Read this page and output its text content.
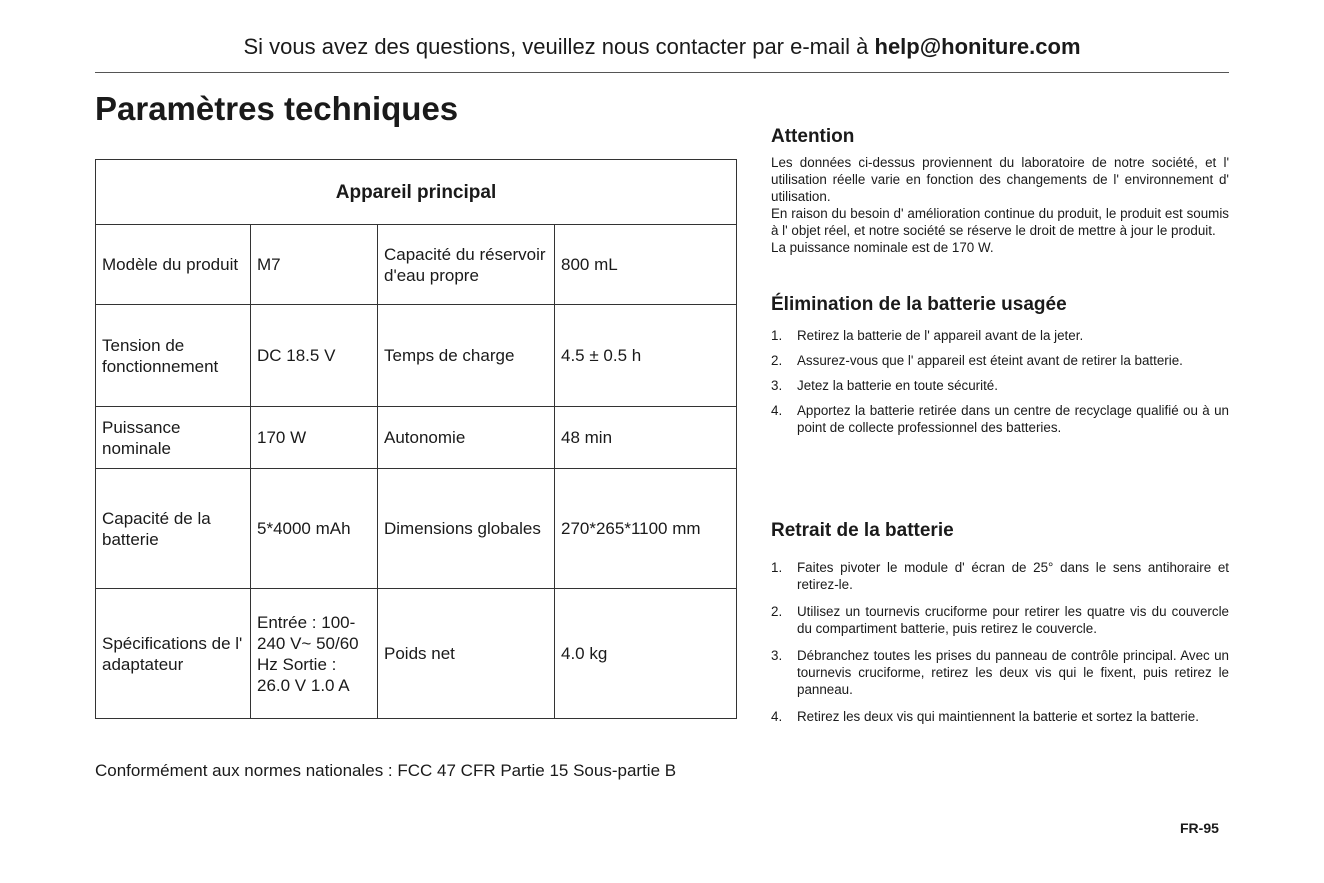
Si vous avez des questions, veuillez nous contacter par e-mail à help@honiture.com
Paramètres techniques
Appareil principal			
Modèle du produit	M7	Capacité du réservoir d'eau propre	800 mL
Tension de fonctionnement	DC 18.5 V	Temps de charge	4.5 ± 0.5 h
Puissance nominale	170 W	Autonomie	48 min
Capacité de la batterie	5*4000 mAh	Dimensions globales	270*265*1100 mm
Spécifications de l' adaptateur	Entrée : 100-240 V~ 50/60 Hz Sortie : 26.0 V 1.0 A	Poids net	4.0 kg
Conformément aux normes nationales : FCC 47 CFR Partie 15 Sous-partie B
Attention
Les données ci-dessus proviennent du laboratoire de notre société, et l' utilisation réelle varie en fonction des changements de l' environnement d' utilisation.
En raison du besoin d' amélioration continue du produit, le produit est soumis à l' objet réel, et notre société se réserve le droit de mettre à jour le produit.
La puissance nominale est de 170 W.
Élimination de la batterie usagée
1. Retirez la batterie de l' appareil avant de la jeter.
2. Assurez-vous que l' appareil est éteint avant de retirer la batterie.
3. Jetez la batterie en toute sécurité.
4. Apportez la batterie retirée dans un centre de recyclage qualifié ou à un point de collecte professionnel des batteries.
Retrait de la batterie
1. Faites pivoter le module d' écran de 25° dans le sens antihoraire et retirez-le.
2. Utilisez un tournevis cruciforme pour retirer les quatre vis du couvercle du compartiment batterie, puis retirez le couvercle.
3. Débranchez toutes les prises du panneau de contrôle principal. Avec un tournevis cruciforme, retirez les deux vis qui le fixent, puis retirez le panneau.
4. Retirez les deux vis qui maintiennent la batterie et sortez la batterie.
FR-95
